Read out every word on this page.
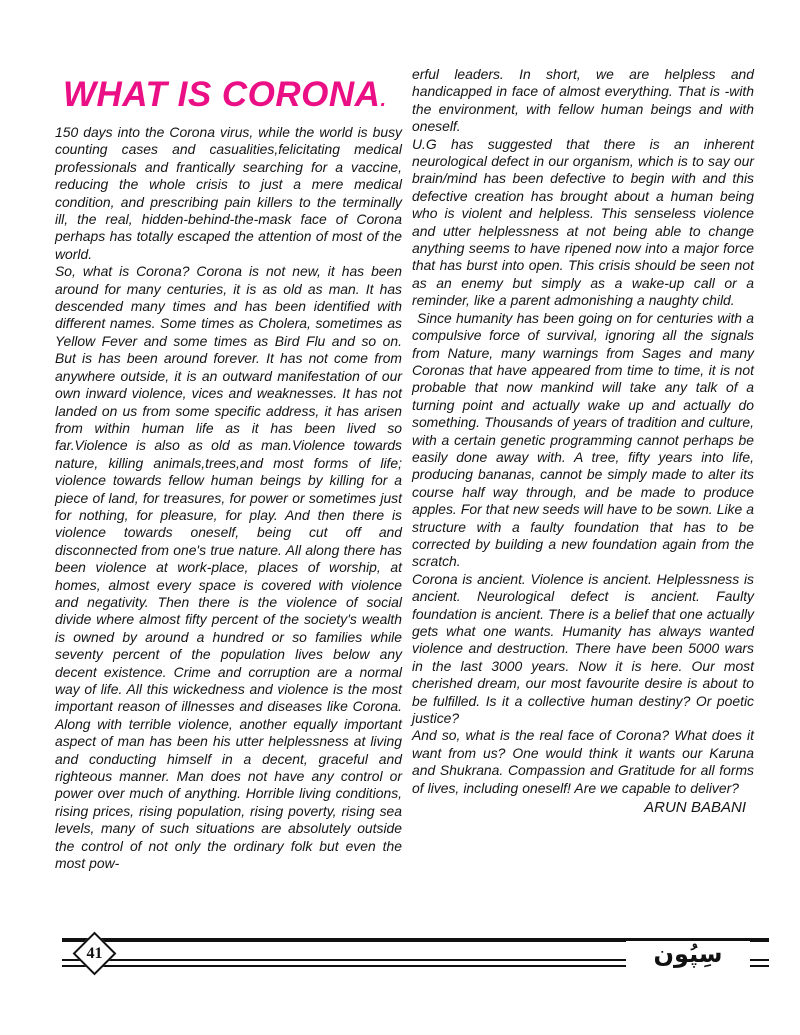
WHAT IS CORONA.

150 days into the Corona virus, while the world is busy counting cases and casualities,felicitating medical professionals and frantically searching for a vaccine, reducing the whole crisis to just a mere medical condition, and prescribing pain killers to the terminally ill, the real, hidden-behind-the-mask face of Corona perhaps has totally escaped the attention of most of the world.

So, what is Corona? Corona is not new, it has been around for many centuries, it is as old as man. It has descended many times and has been identified with different names. Some times as Cholera, sometimes as Yellow Fever and some times as Bird Flu and so on. But is has been around forever. It has not come from anywhere outside, it is an outward manifestation of our own inward violence, vices and weaknesses. It has not landed on us from some specific address, it has arisen from within human life as it has been lived so far.Violence is also as old as man.Violence towards nature, killing animals,trees,and most forms of life; violence towards fellow human beings by killing for a piece of land, for treasures, for power or sometimes just for nothing, for pleasure, for play. And then there is violence towards oneself, being cut off and disconnected from one's true nature. All along there has been violence at work-place, places of worship, at homes, almost every space is covered with violence and negativity. Then there is the violence of social divide where almost fifty percent of the society's wealth is owned by around a hundred or so families while seventy percent of the population lives below any decent existence. Crime and corruption are a normal way of life. All this wickedness and violence is the most important reason of illnesses and diseases like Corona. Along with terrible violence, another equally important aspect of man has been his utter helplessness at living and conducting himself in a decent, graceful and righteous manner. Man does not have any control or power over much of anything. Horrible living conditions, rising prices, rising population, rising poverty, rising sea levels, many of such situations are absolutely outside the control of not only the ordinary folk but even the most pow-

erful leaders. In short, we are helpless and handicapped in face of almost everything. That is -with the environment, with fellow human beings and with oneself.

U.G has suggested that there is an inherent neurological defect in our organism, which is to say our brain/mind has been defective to begin with and this defective creation has brought about a human being who is violent and helpless. This senseless violence and utter helplessness at not being able to change anything seems to have ripened now into a major force that has burst into open. This crisis should be seen not as an enemy but simply as a wake-up call or a reminder, like a parent admonishing a naughty child.

Since humanity has been going on for centuries with a compulsive force of survival, ignoring all the signals from Nature, many warnings from Sages and many Coronas that have appeared from time to time, it is not probable that now mankind will take any talk of a turning point and actually wake up and actually do something. Thousands of years of tradition and culture, with a certain genetic programming cannot perhaps be easily done away with. A tree, fifty years into life, producing bananas, cannot be simply made to alter its course half way through, and be made to produce apples. For that new seeds will have to be sown. Like a structure with a faulty foundation that has to be corrected by building a new foundation again from the scratch.

Corona is ancient. Violence is ancient. Helplessness is ancient. Neurological defect is ancient. Faulty foundation is ancient. There is a belief that one actually gets what one wants. Humanity has always wanted violence and destruction. There have been 5000 wars in the last 3000 years. Now it is here. Our most cherished dream, our most favourite desire is about to be fulfilled. Is it a collective human destiny? Or poetic justice?

And so, what is the real face of Corona? What does it want from us? One would think it wants our Karuna and Shukrana. Compassion and Gratitude for all forms of lives, including oneself! Are we capable to deliver?

ARUN BABANI
41	سِپُون
